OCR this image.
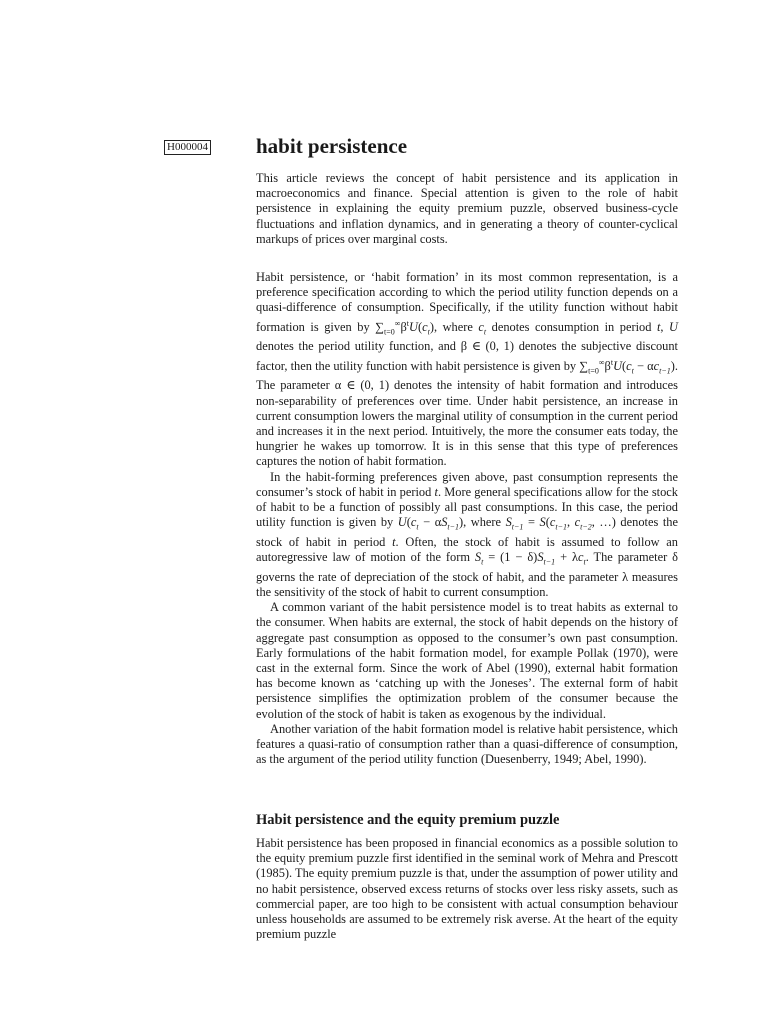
H000004 habit persistence

This article reviews the concept of habit persistence and its application in macroeconomics and finance. Special attention is given to the role of habit persistence in explaining the equity premium puzzle, observed business-cycle fluctuations and inflation dynamics, and in generating a theory of counter-cyclical markups of prices over marginal costs.

Habit persistence, or ‘habit formation’ in its most common representation, is a preference specification according to which the period utility function depends on a quasi-difference of consumption. Specifically, if the utility function without habit formation is given by $\sum_{t=0}^\infty\beta^tU(c_t)$, where $c_t$ denotes consumption in period t, U denotes the period utility function, and β ∈ (0, 1) denotes the subjective discount factor, then the utility function with habit persistence is given by $\sum_{t=0}^\infty\beta^tU(c_t - \alpha c_{t-1})$. The parameter α ∈ (0, 1) denotes the intensity of habit formation and introduces non-separability of preferences over time. Under habit persistence, an increase in current consumption lowers the marginal utility of consumption in the current period and increases it in the next period. Intuitively, the more the consumer eats today, the hungrier he wakes up tomorrow. It is in this sense that this type of preferences captures the notion of habit formation.

In the habit-forming preferences given above, past consumption represents the consumer’s stock of habit in period t. More general specifications allow for the stock of habit to be a function of possibly all past consumptions. In this case, the period utility function is given by $U(c_t - \alpha S_{t-1})$, where $S_{t-1} = S(c_{t-1}$, $c_{t-2}$, …) denotes the stock of habit in period t. Often, the stock of habit is assumed to follow an autoregressive law of motion of the form $S_t = (1 - \delta)S_{t-1} + \lambda c_t$. The parameter δ governs the rate of depreciation of the stock of habit, and the parameter λ measures the sensitivity of the stock of habit to current consumption.

A common variant of the habit persistence model is to treat habits as external to the consumer. When habits are external, the stock of habit depends on the history of aggregate past consumption as opposed to the consumer’s own past consumption. Early formulations of the habit formation model, for example Pollak (1970), were cast in the external form. Since the work of Abel (1990), external habit formation has become known as ‘catching up with the Joneses’. The external form of habit persistence simplifies the optimization problem of the consumer because the evolution of the stock of habit is taken as exogenous by the individual.

Another variation of the habit formation model is relative habit persistence, which features a quasi-ratio of consumption rather than a quasi-difference of consumption, as the argument of the period utility function (Duesenberry, 1949; Abel, 1990).

Habit persistence and the equity premium puzzle

Habit persistence has been proposed in financial economics as a possible solution to the equity premium puzzle first identified in the seminal work of Mehra and Prescott (1985). The equity premium puzzle is that, under the assumption of power utility and no habit persistence, observed excess returns of stocks over less risky assets, such as commercial paper, are too high to be consistent with actual consumption behaviour unless households are assumed to be extremely risk averse. At the heart of the equity premium puzzle
